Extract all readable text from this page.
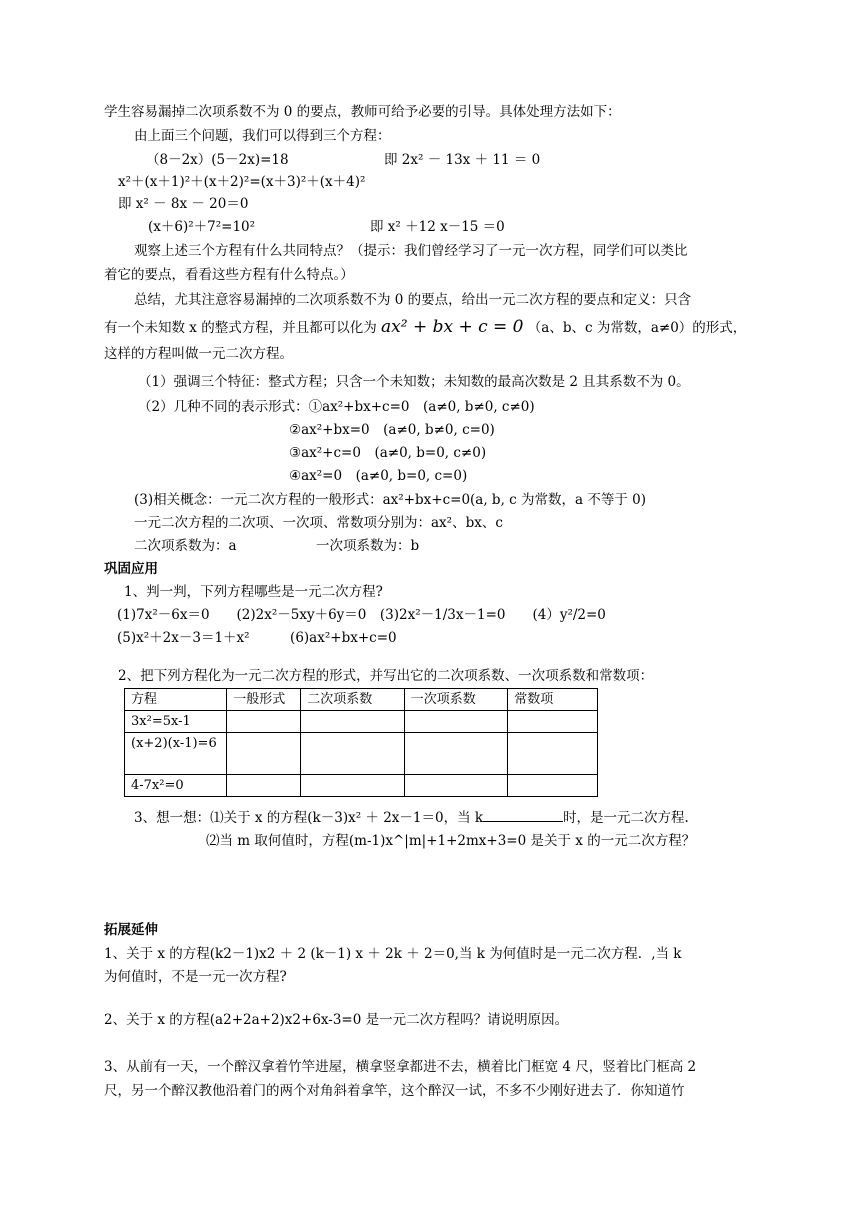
学生容易漏掉二次项系数不为 0 的要点，教师可给予必要的引导。具体处理方法如下：
由上面三个问题，我们可以得到三个方程：
（8－2x）(5－2x)=18	即 2x² － 13x ＋ 11 ＝ 0
x²＋(x＋1)²＋(x＋2)²=(x＋3)²＋(x＋4)²
即 x² － 8x － 20＝0
(x＋6)²＋7²=10²	即 x² ＋12 x－15 ＝0
观察上述三个方程有什么共同特点？（提示：我们曾经学习了一元一次方程，同学们可以类比
着它的要点，看看这些方程有什么特点。）
总结，尤其注意容易漏掉的二次项系数不为 0 的要点，给出一元二次方程的要点和定义：只含
有一个未知数 x 的整式方程，并且都可以化为 ax² + bx + c = 0 （a、b、c 为常数，a≠0）的形式，
这样的方程叫做一元二次方程。
（1）强调三个特征：整式方程；只含一个未知数；未知数的最高次数是 2 且其系数不为 0。
（2）几种不同的表示形式：①ax²+bx+c=0　(a≠0, b≠0, c≠0)
②ax²+bx=0　(a≠0, b≠0, c=0)
③ax²+c=0　(a≠0, b=0, c≠0)
④ax²=0　(a≠0, b=0, c=0)
(3)相关概念：一元二次方程的一般形式：ax²+bx+c=0(a, b, c 为常数，a 不等于 0)
一元二次方程的二次项、一次项、常数项分别为：ax²、bx、c
二次项系数为：a	一次项系数为：b
巩固应用
1、判一判，下列方程哪些是一元二次方程?
(1)7x²－6x＝0　　(2)2x²－5xy＋6y＝0　(3)2x²－1/3x－1=0　　(4）y²/2=0
(5)x²＋2x－3＝1＋x²　　　(6)ax²+bx+c=0
2、把下列方程化为一元二次方程的形式，并写出它的二次项系数、一次项系数和常数项：
方程	一般形式	二次项系数	一次项系数	常数项
3x²=5x-1				
(x+2)(x-1)=6				
4-7x²=0				
3、想一想：⑴关于 x 的方程(k－3)x² ＋ 2x－1＝0，当 k	时，是一元二次方程.
⑵当 m 取何值时，方程(m-1)x^|m|+1+2mx+3=0 是关于 x 的一元二次方程？
拓展延伸
1、关于 x 的方程(k2－1)x2 ＋ 2 (k－1) x ＋ 2k ＋ 2＝0,当 k 为何值时是一元二次方程．,当 k
为何值时，不是一元一次方程?
2、关于 x 的方程(a2+2a+2)x2+6x-3=0 是一元二次方程吗？请说明原因。
3、从前有一天，一个醉汉拿着竹竿进屋，横拿竖拿都进不去，横着比门框宽 4 尺，竖着比门框高 2
尺，另一个醉汉教他沿着门的两个对角斜着拿竿，这个醉汉一试，不多不少刚好进去了．你知道竹
